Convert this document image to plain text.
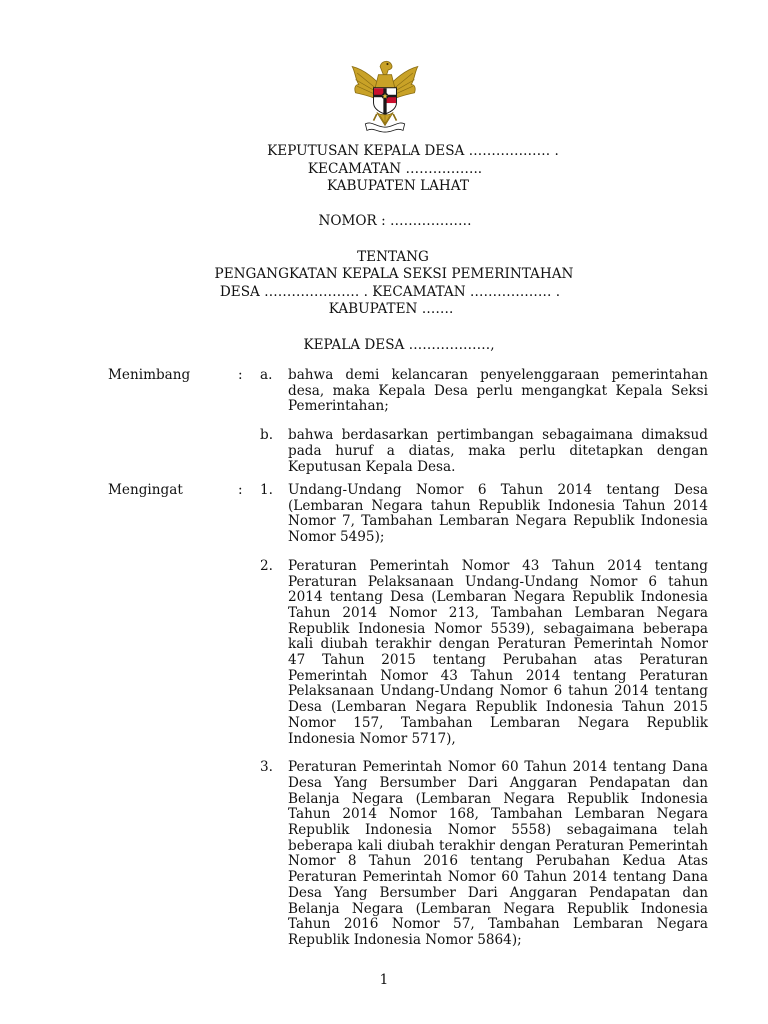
KEPUTUSAN KEPALA DESA ……………… .
KECAMATAN ……………..
KABUPATEN LAHAT
NOMOR : ………………
TENTANG
PENGANGKATAN KEPALA SEKSI PEMERINTAHAN
DESA ………………… . KECAMATAN ……………… .
KABUPATEN …….
KEPALA DESA ………………,
Menimbang	: a. bahwa demi kelancaran penyelenggaraan pemerintahan desa, maka Kepala Desa perlu mengangkat Kepala Seksi Pemerintahan;
b. bahwa berdasarkan pertimbangan sebagaimana dimaksud pada huruf a diatas, maka perlu ditetapkan dengan Keputusan Kepala Desa.
Mengingat	: 1. Undang-Undang Nomor 6 Tahun 2014 tentang Desa (Lembaran Negara tahun Republik Indonesia Tahun 2014 Nomor 7, Tambahan Lembaran Negara Republik Indonesia Nomor 5495);
2. Peraturan Pemerintah Nomor 43 Tahun 2014 tentang Peraturan Pelaksanaan Undang-Undang Nomor 6 tahun 2014 tentang Desa (Lembaran Negara Republik Indonesia Tahun 2014 Nomor 213, Tambahan Lembaran Negara Republik Indonesia Nomor 5539), sebagaimana beberapa kali diubah terakhir dengan Peraturan Pemerintah Nomor 47 Tahun 2015 tentang Perubahan atas Peraturan Pemerintah Nomor 43 Tahun 2014 tentang Peraturan Pelaksanaan Undang-Undang Nomor 6 tahun 2014 tentang Desa (Lembaran Negara Republik Indonesia Tahun 2015 Nomor 157, Tambahan Lembaran Negara Republik Indonesia Nomor 5717),
3. Peraturan Pemerintah Nomor 60 Tahun 2014 tentang Dana Desa Yang Bersumber Dari Anggaran Pendapatan dan Belanja Negara (Lembaran Negara Republik Indonesia Tahun 2014 Nomor 168, Tambahan Lembaran Negara Republik Indonesia Nomor 5558) sebagaimana telah beberapa kali diubah terakhir dengan Peraturan Pemerintah Nomor 8 Tahun 2016 tentang Perubahan Kedua Atas Peraturan Pemerintah Nomor 60 Tahun 2014 tentang Dana Desa Yang Bersumber Dari Anggaran Pendapatan dan Belanja Negara (Lembaran Negara Republik Indonesia Tahun 2016 Nomor 57, Tambahan Lembaran Negara Republik Indonesia Nomor 5864);
1
